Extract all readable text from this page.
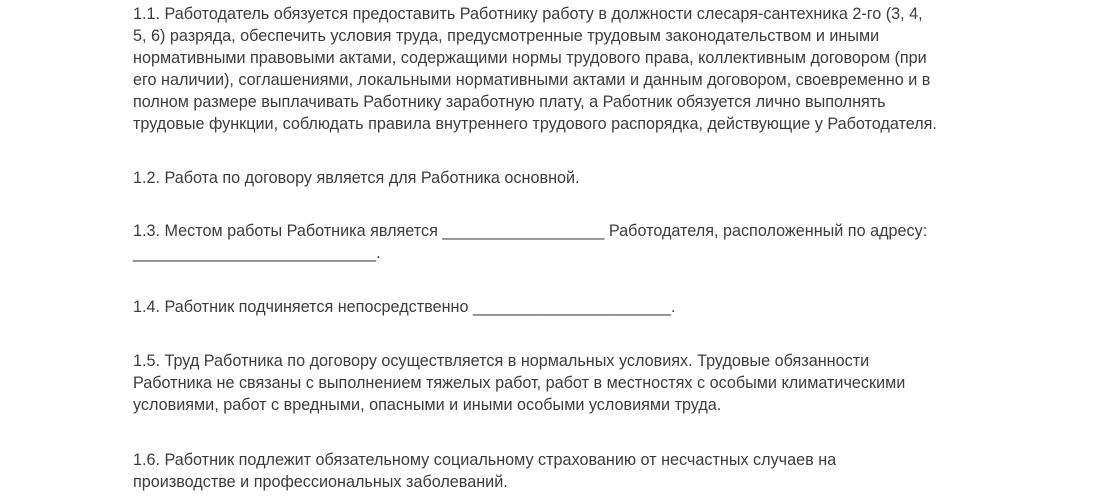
1.1. Работодатель обязуется предоставить Работнику работу в должности слесаря-сантехника 2-го (3, 4,
5, 6) разряда, обеспечить условия труда, предусмотренные трудовым законодательством и иными
нормативными правовыми актами, содержащими нормы трудового права, коллективным договором (при
его наличии), соглашениями, локальными нормативными актами и данным договором, своевременно и в
полном размере выплачивать Работнику заработную плату, а Работник обязуется лично выполнять
трудовые функции, соблюдать правила внутреннего трудового распорядка, действующие у Работодателя.

1.2. Работа по договору является для Работника основной.

1.3. Местом работы Работника является __________________ Работодателя, расположенный по адресу:
___________________________.

1.4. Работник подчиняется непосредственно ______________________.

1.5. Труд Работника по договору осуществляется в нормальных условиях. Трудовые обязанности
Работника не связаны с выполнением тяжелых работ, работ в местностях с особыми климатическими
условиями, работ с вредными, опасными и иными особыми условиями труда.

1.6. Работник подлежит обязательному социальному страхованию от несчастных случаев на
производстве и профессиональных заболеваний.
